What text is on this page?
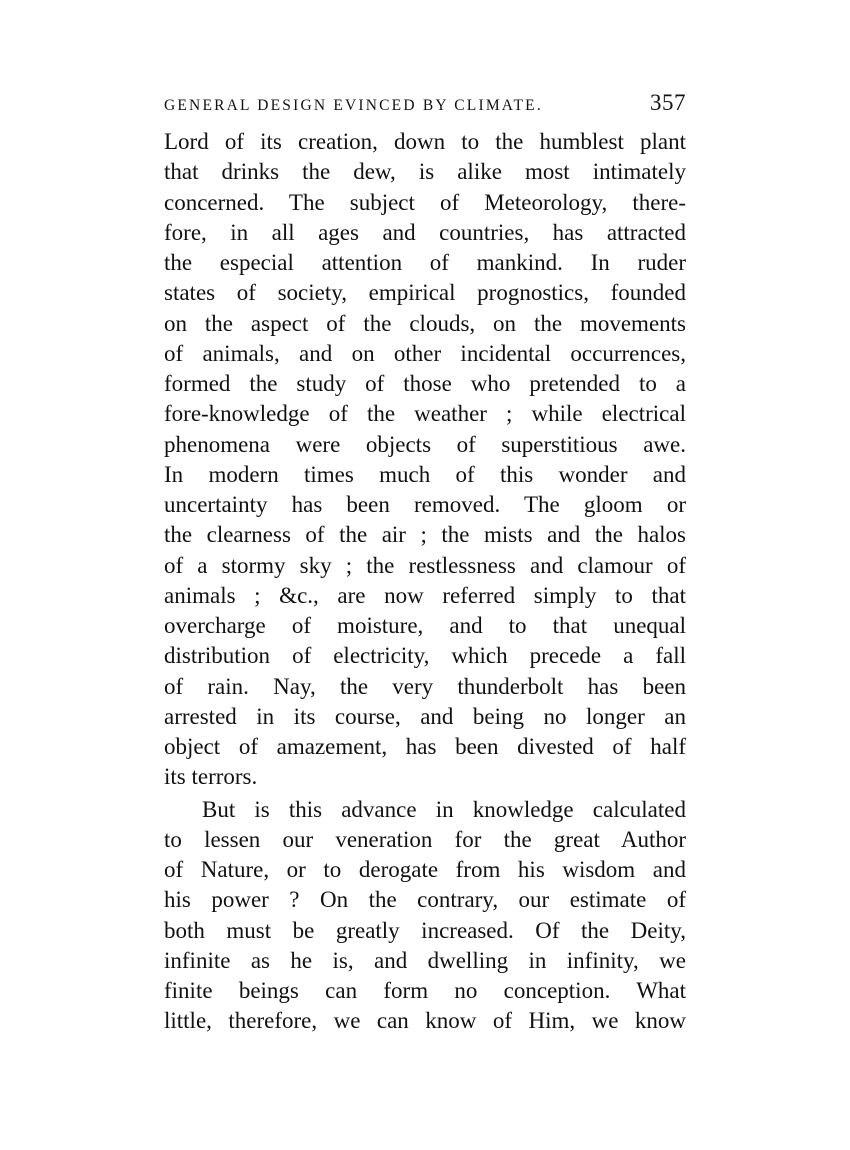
GENERAL DESIGN EVINCED BY CLIMATE.	357
Lord of its creation, down to the humblest plant
that drinks the dew, is alike most intimately
concerned. The subject of Meteorology, there-
fore, in all ages and countries, has attracted
the especial attention of mankind. In ruder
states of society, empirical prognostics, founded
on the aspect of the clouds, on the movements
of animals, and on other incidental occurrences,
formed the study of those who pretended to a
fore-knowledge of the weather ; while electrical
phenomena were objects of superstitious awe.
In modern times much of this wonder and
uncertainty has been removed. The gloom or
the clearness of the air ; the mists and the halos
of a stormy sky ; the restlessness and clamour of
animals ; &c., are now referred simply to that
overcharge of moisture, and to that unequal
distribution of electricity, which precede a fall
of rain. Nay, the very thunderbolt has been
arrested in its course, and being no longer an
object of amazement, has been divested of half
its terrors.
But is this advance in knowledge calculated
to lessen our veneration for the great Author
of Nature, or to derogate from his wisdom and
his power ? On the contrary, our estimate of
both must be greatly increased. Of the Deity,
infinite as he is, and dwelling in infinity, we
finite beings can form no conception. What
little, therefore, we can know of Him, we know
